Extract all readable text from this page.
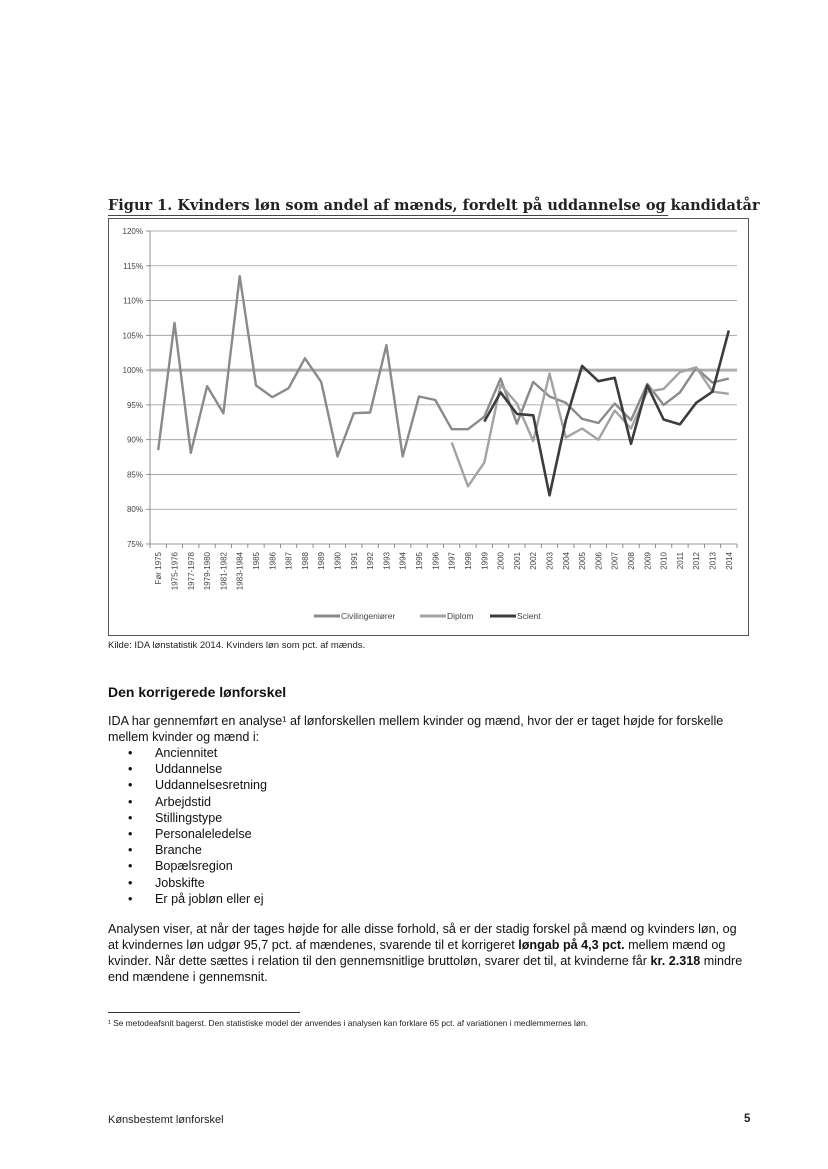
Figur 1. Kvinders løn som andel af mænds, fordelt på uddannelse og kandidatår
75%
80%
85%
90%
95%
100%
105%
110%
115%
120%
Før 1975 1975-1976 1977-1978 1979-1980 1981-1982 1983-1984 1985 1986 1987 1988 1989 1990 1991 1992 1993 1994 1995 1996 1997 1998 1999 2000 2001 2002 2003 2004 2005 2006 2007 2008 2009 2010 2011 2012 2013 2014
Civilingeniører	Diplom	Scient
Kilde: IDA lønstatistik 2014. Kvinders løn som pct. af mænds.
Den korrigerede lønforskel
IDA har gennemført en analyse¹ af lønforskellen mellem kvinder og mænd, hvor der er taget højde for forskelle mellem kvinder og mænd i:
• Anciennitet
• Uddannelse
• Uddannelsesretning
• Arbejdstid
• Stillingstype
• Personaleledelse
• Branche
• Bopælsregion
• Jobskifte
• Er på jobløn eller ej
Analysen viser, at når der tages højde for alle disse forhold, så er der stadig forskel på mænd og kvinders løn, og at kvindernes løn udgør 95,7 pct. af mændenes, svarende til et korrigeret løngab på 4,3 pct. mellem mænd og kvinder. Når dette sættes i relation til den gennemsnitlige bruttoløn, svarer det til, at kvinderne får kr. 2.318 mindre end mændene i gennemsnit.
¹ Se metodeafsnit bagerst. Den statistiske model der anvendes i analysen kan forklare 65 pct. af variationen i medlemmernes løn.
Kønsbestemt lønforskel	5
